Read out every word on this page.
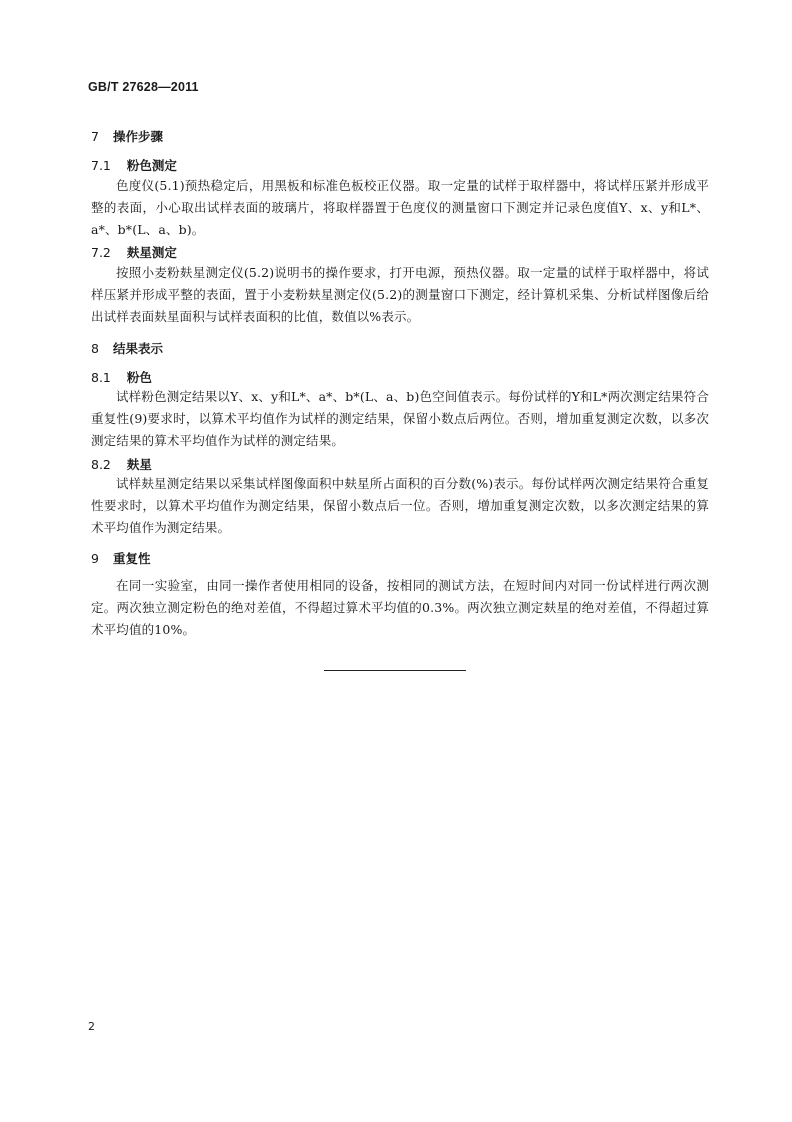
GB/T 27628—2011
7 操作步骤
7.1 粉色测定
色度仪(5.1)预热稳定后，用黑板和标准色板校正仪器。取一定量的试样于取样器中，将试样压紧并形成平整的表面，小心取出试样表面的玻璃片，将取样器置于色度仪的测量窗口下测定并记录色度值Y、x、y和L*、a*、b*(L、a、b)。
7.2 麸星测定
按照小麦粉麸星测定仪(5.2)说明书的操作要求，打开电源，预热仪器。取一定量的试样于取样器中，将试样压紧并形成平整的表面，置于小麦粉麸星测定仪(5.2)的测量窗口下测定，经计算机采集、分析试样图像后给出试样表面麸星面积与试样表面积的比值，数值以%表示。
8 结果表示
8.1 粉色
试样粉色测定结果以Y、x、y和L*、a*、b*(L、a、b)色空间值表示。每份试样的Y和L*两次测定结果符合重复性(9)要求时，以算术平均值作为试样的测定结果，保留小数点后两位。否则，增加重复测定次数，以多次测定结果的算术平均值作为试样的测定结果。
8.2 麸星
试样麸星测定结果以采集试样图像面积中麸星所占面积的百分数(%)表示。每份试样两次测定结果符合重复性要求时，以算术平均值作为测定结果，保留小数点后一位。否则，增加重复测定次数，以多次测定结果的算术平均值作为测定结果。
9 重复性
在同一实验室，由同一操作者使用相同的设备，按相同的测试方法，在短时间内对同一份试样进行两次测定。两次独立测定粉色的绝对差值，不得超过算术平均值的0.3%。两次独立测定麸星的绝对差值，不得超过算术平均值的10%。
2
